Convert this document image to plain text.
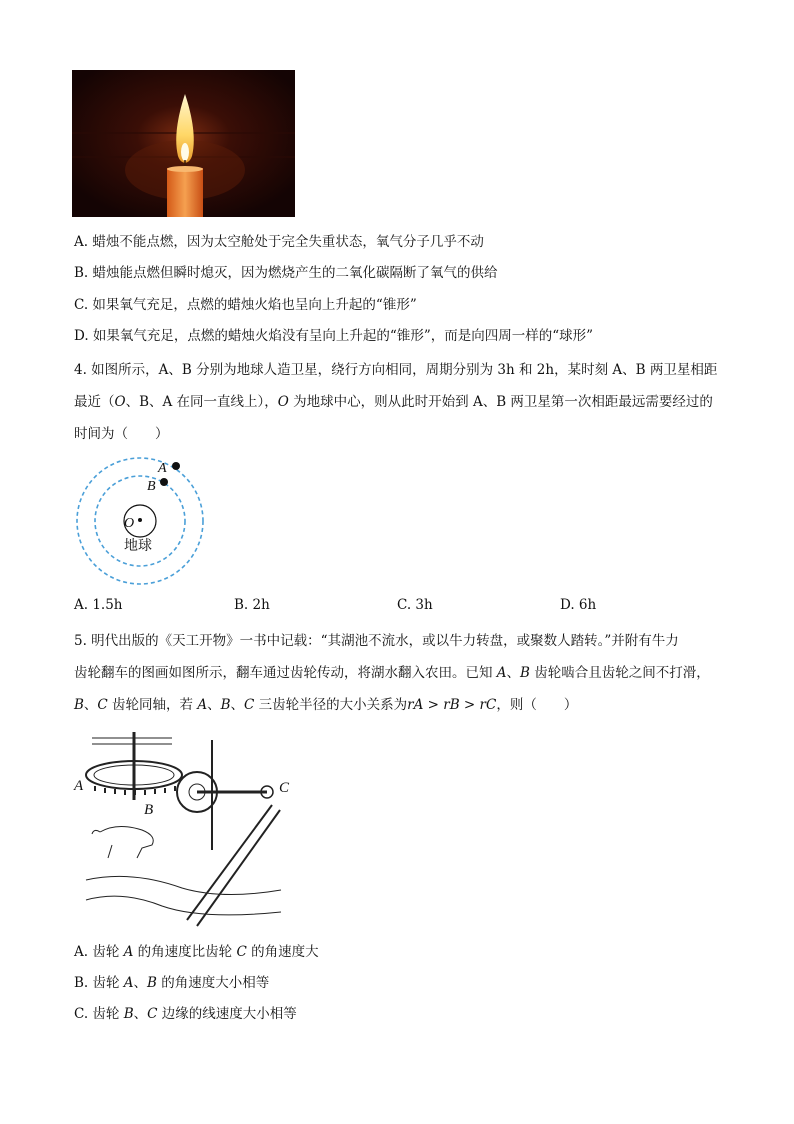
A. 蜡烛不能点燃，因为太空舱处于完全失重状态，氧气分子几乎不动
B. 蜡烛能点燃但瞬时熄灭，因为燃烧产生的二氧化碳隔断了氧气的供给
C. 如果氧气充足，点燃的蜡烛火焰也呈向上升起的“锥形”
D. 如果氧气充足，点燃的蜡烛火焰没有呈向上升起的“锥形”，而是向四周一样的“球形”
4. 如图所示，A、B 分别为地球人造卫星，绕行方向相同，周期分别为 3h 和 2h，某时刻 A、B 两卫星相距
最近（O、B、A 在同一直线上），O 为地球中心，则从此时开始到 A、B 两卫星第一次相距最远需要经过的
时间为（　　）
A
B
O
地球
A. 1.5h	B. 2h	C. 3h	D. 6h
5. 明代出版的《天工开物》一书中记载：“其湖池不流水，或以牛力转盘，或聚数人踏转。”并附有牛力
齿轮翻车的图画如图所示，翻车通过齿轮传动，将湖水翻入农田。已知 A、B 齿轮啮合且齿轮之间不打滑，
B、C 齿轮同轴，若 A、B、C 三齿轮半径的大小关系为rA > rB > rC，则（　　）
A
B
C
A. 齿轮 A 的角速度比齿轮 C 的角速度大
B. 齿轮 A、B 的角速度大小相等
C. 齿轮 B、C 边缘的线速度大小相等
